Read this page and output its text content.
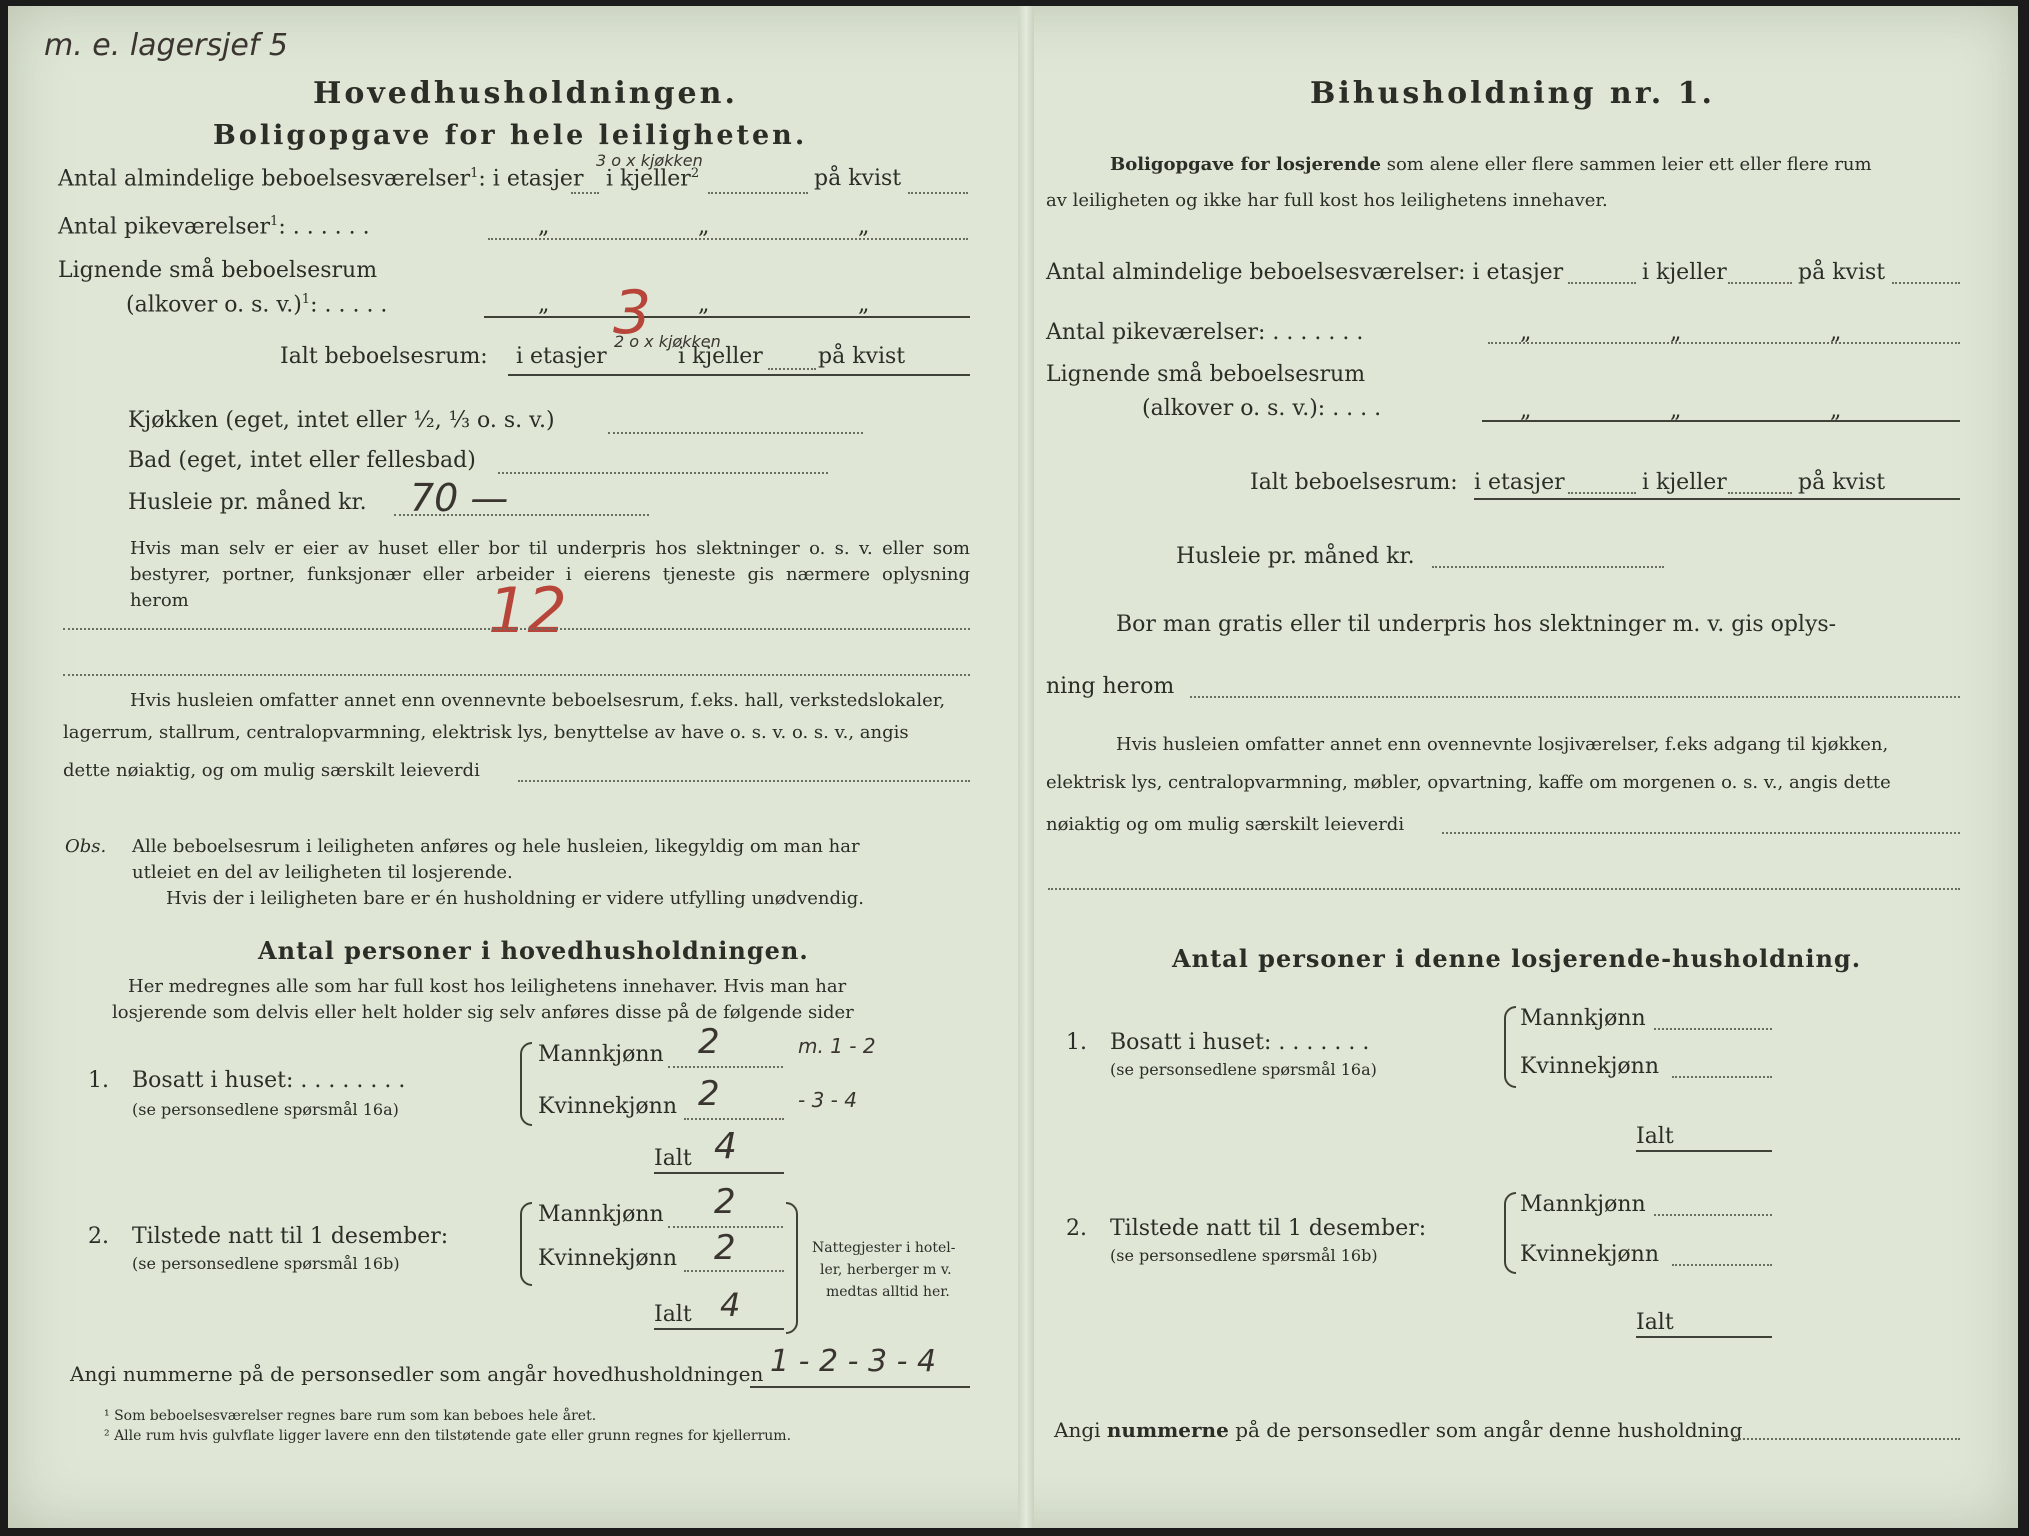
m. e. lagersjef 5
Hovedhusholdningen.
Boligopgave for hele leiligheten.
Antal almindelige beboelsesværelser$^1$: i etasjer i kjeller$^2$	på kvist
3 o x kjøkken
Antal pikeværelser$^1$: . . . . . .	„	„	„
Lignende små beboelsesrum
(alkover o. s. v.)$^1$: . . . . .	„	„	„
3
Ialt beboelsesrum: i etasjer	i kjeller	på kvist
2 o x kjøkken
Kjøkken (eget, intet eller ½, ⅓ o. s. v.)
Bad (eget, intet eller fellesbad)
Husleie pr. måned kr. 70 —
Hvis man selv er eier av huset eller bor til underpris hos slektninger o. s. v. eller som bestyrer, portner, funksjonær eller arbeider i eierens tjeneste gis nærmere oplysning herom	12
Hvis husleien omfatter annet enn ovennevnte beboelsesrum, f.eks. hall, verkstedslokaler,
lagerrum, stallrum, centralopvarmning, elektrisk lys, benyttelse av have o. s. v. o. s. v., angis
dette nøiaktig, og om mulig særskilt leieverdi
Obs. Alle beboelsesrum i leiligheten anføres og hele husleien, likegyldig om man har
utleiet en del av leiligheten til losjerende.
Hvis der i leiligheten bare er én husholdning er videre utfylling unødvendig.
Antal personer i hovedhusholdningen.
Her medregnes alle som har full kost hos leilighetens innehaver. Hvis man har
losjerende som delvis eller helt holder sig selv anføres disse på de følgende sider
1. Bosatt i huset: . . . . . . . .
(se personsedlene spørsmål 16a)
Mannkjønn 2	m. 1 - 2
Kvinnekjønn 2	- 3 - 4
Ialt 4
2. Tilstede natt til 1 desember:
(se personsedlene spørsmål 16b)
Mannkjønn 2
Kvinnekjønn 2
Ialt 4
Nattegjester i hotel-
ler, herberger m v.
medtas alltid her.
Angi nummerne på de personsedler som angår hovedhusholdningen 1 - 2 - 3 - 4
¹ Som beboelsesværelser regnes bare rum som kan beboes hele året.
² Alle rum hvis gulvflate ligger lavere enn den tilstøtende gate eller grunn regnes for kjellerrum.
Bihusholdning nr. 1.
Boligopgave for losjerende som alene eller flere sammen leier ett eller flere rum
av leiligheten og ikke har full kost hos leilighetens innehaver.
Antal almindelige beboelsesværelser: i etasjer	i kjeller	på kvist
Antal pikeværelser: . . . . . . .	„	„	„
Lignende små beboelsesrum
(alkover o. s. v.): . . . .	„	„	„
Ialt beboelsesrum: i etasjer	i kjeller	på kvist
Husleie pr. måned kr.
Bor man gratis eller til underpris hos slektninger m. v. gis oplys-
ning herom
Hvis husleien omfatter annet enn ovennevnte losjiværelser, f.eks adgang til kjøkken,
elektrisk lys, centralopvarmning, møbler, opvartning, kaffe om morgenen o. s. v., angis dette
nøiaktig og om mulig særskilt leieverdi
Antal personer i denne losjerende-husholdning.
1. Bosatt i huset: . . . . . . .
(se personsedlene spørsmål 16a)
Mannkjønn
Kvinnekjønn
Ialt
2. Tilstede natt til 1 desember:
(se personsedlene spørsmål 16b)
Mannkjønn
Kvinnekjønn
Ialt
Angi nummerne på de personsedler som angår denne husholdning
